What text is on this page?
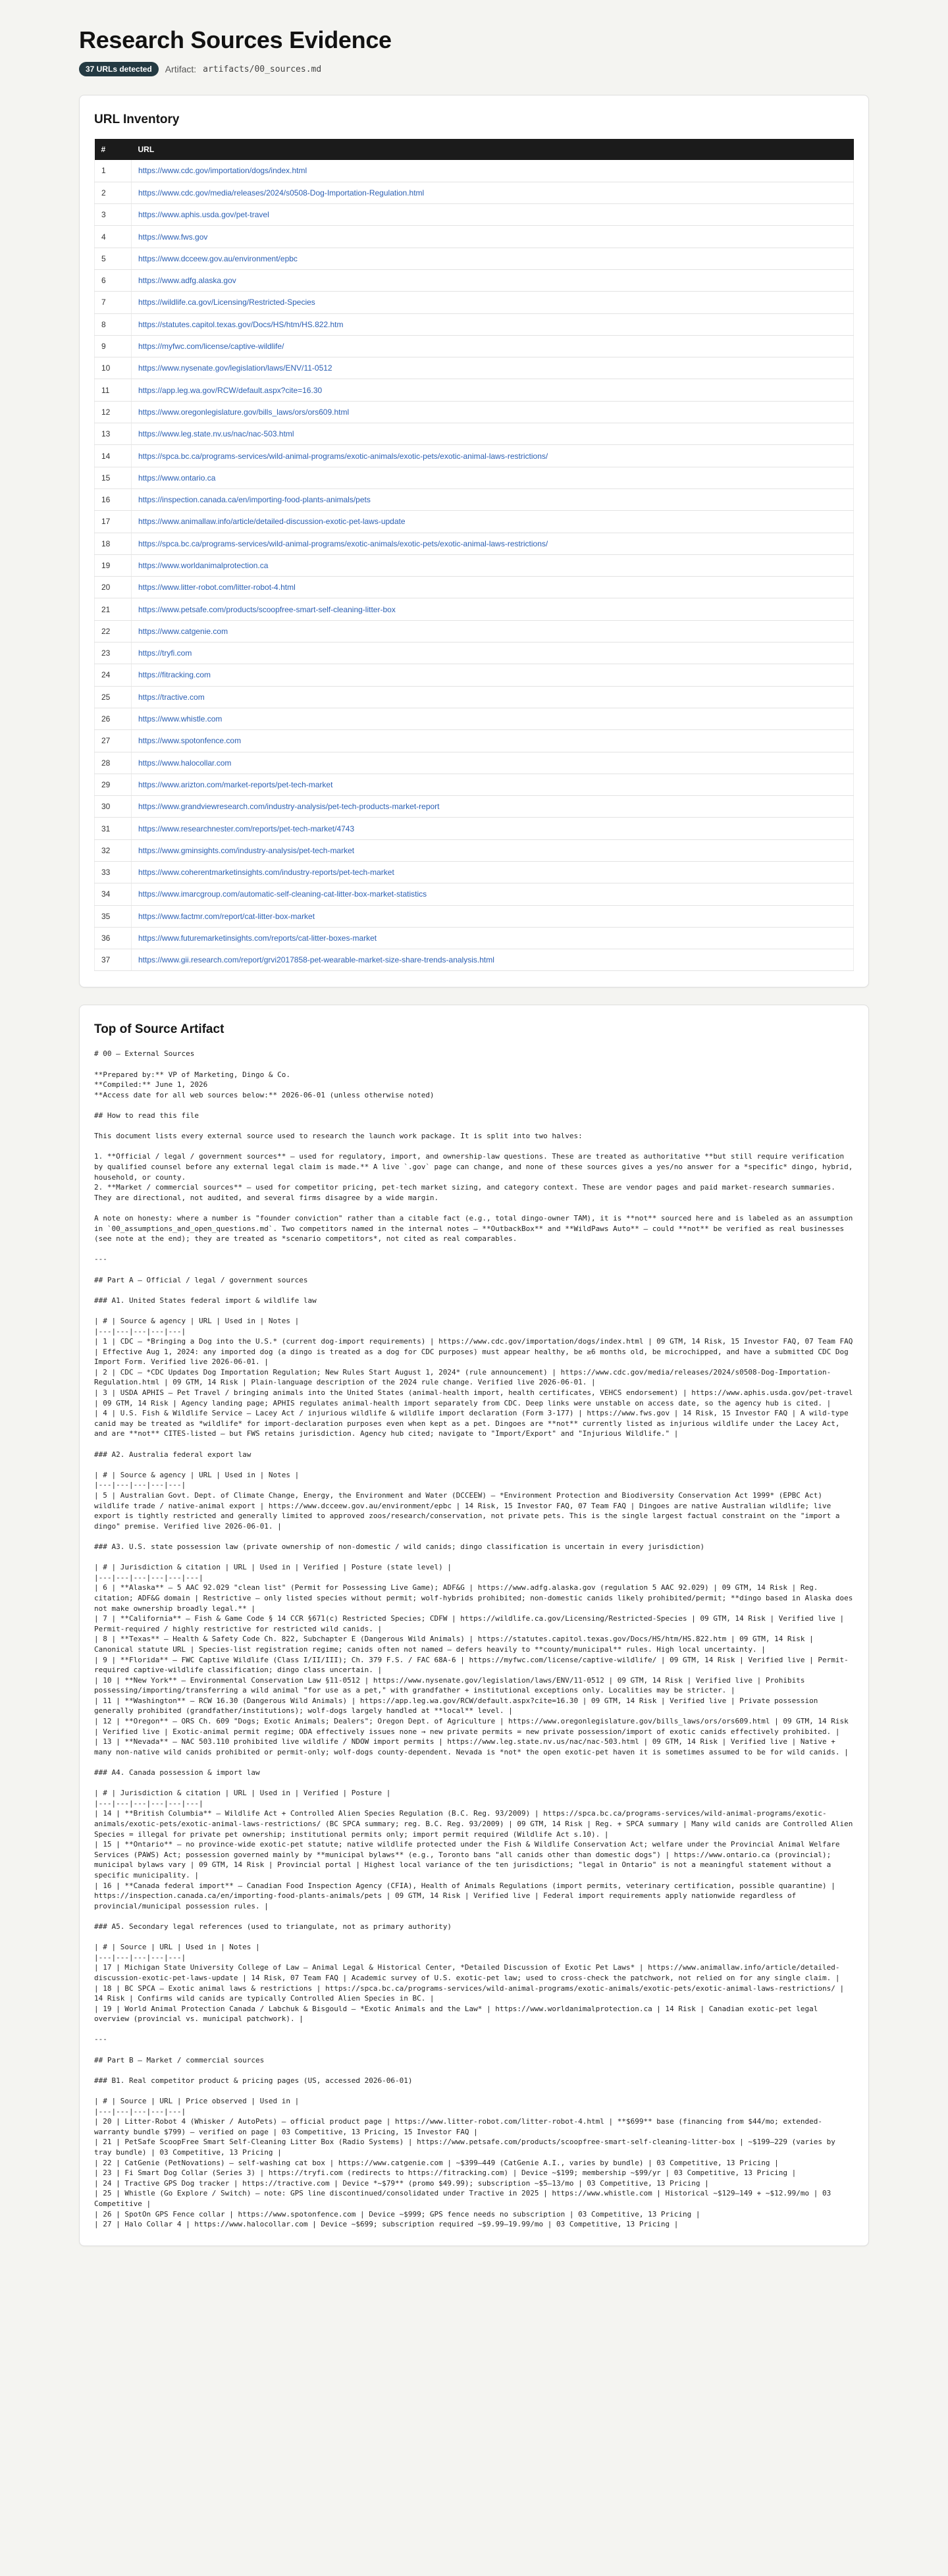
Research Sources Evidence
37 URLs detected	Artifact: artifacts/00_sources.md
URL Inventory
#	URL
1	https://www.cdc.gov/importation/dogs/index.html
2	https://www.cdc.gov/media/releases/2024/s0508-Dog-Importation-Regulation.html
3	https://www.aphis.usda.gov/pet-travel
4	https://www.fws.gov
5	https://www.dcceew.gov.au/environment/epbc
6	https://www.adfg.alaska.gov
7	https://wildlife.ca.gov/Licensing/Restricted-Species
8	https://statutes.capitol.texas.gov/Docs/HS/htm/HS.822.htm
9	https://myfwc.com/license/captive-wildlife/
10	https://www.nysenate.gov/legislation/laws/ENV/11-0512
11	https://app.leg.wa.gov/RCW/default.aspx?cite=16.30
12	https://www.oregonlegislature.gov/bills_laws/ors/ors609.html
13	https://www.leg.state.nv.us/nac/nac-503.html
14	https://spca.bc.ca/programs-services/wild-animal-programs/exotic-animals/exotic-pets/exotic-animal-laws-restrictions/
15	https://www.ontario.ca
16	https://inspection.canada.ca/en/importing-food-plants-animals/pets
17	https://www.animallaw.info/article/detailed-discussion-exotic-pet-laws-update
18	https://spca.bc.ca/programs-services/wild-animal-programs/exotic-animals/exotic-pets/exotic-animal-laws-restrictions/
19	https://www.worldanimalprotection.ca
20	https://www.litter-robot.com/litter-robot-4.html
21	https://www.petsafe.com/products/scoopfree-smart-self-cleaning-litter-box
22	https://www.catgenie.com
23	https://tryfi.com
24	https://fitracking.com
25	https://tractive.com
26	https://www.whistle.com
27	https://www.spotonfence.com
28	https://www.halocollar.com
29	https://www.arizton.com/market-reports/pet-tech-market
30	https://www.grandviewresearch.com/industry-analysis/pet-tech-products-market-report
31	https://www.researchnester.com/reports/pet-tech-market/4743
32	https://www.gminsights.com/industry-analysis/pet-tech-market
33	https://www.coherentmarketinsights.com/industry-reports/pet-tech-market
34	https://www.imarcgroup.com/automatic-self-cleaning-cat-litter-box-market-statistics
35	https://www.factmr.com/report/cat-litter-box-market
36	https://www.futuremarketinsights.com/reports/cat-litter-boxes-market
37	https://www.gii.research.com/report/grvi2017858-pet-wearable-market-size-share-trends-analysis.html
Top of Source Artifact
# 00 — External Sources

**Prepared by:** VP of Marketing, Dingo & Co.
**Compiled:** June 1, 2026
**Access date for all web sources below:** 2026-06-01 (unless otherwise noted)

## How to read this file

This document lists every external source used to research the launch work package. It is split into two halves:

1. **Official / legal / government sources** — used for regulatory, import, and ownership-law questions. These are treated as authoritative **but still require verification by qualified counsel before any external legal claim is made.** A live `.gov` page can change, and none of these sources gives a yes/no answer for a *specific* dingo, hybrid, household, or county.
2. **Market / commercial sources** — used for competitor pricing, pet-tech market sizing, and category context. These are vendor pages and paid market-research summaries. They are directional, not audited, and several firms disagree by a wide margin.

A note on honesty: where a number is "founder conviction" rather than a citable fact (e.g., total dingo-owner TAM), it is **not** sourced here and is labeled as an assumption in `00_assumptions_and_open_questions.md`. Two competitors named in the internal notes — **OutbackBox** and **WildPaws Auto** — could **not** be verified as real businesses (see note at the end); they are treated as *scenario competitors*, not cited as real comparables.

---

## Part A — Official / legal / government sources

### A1. United States federal import & wildlife law

| # | Source & agency | URL | Used in | Notes |
|---|---|---|---|---|
| 1 | CDC — *Bringing a Dog into the U.S.* (current dog-import requirements) | https://www.cdc.gov/importation/dogs/index.html | 09 GTM, 14 Risk, 15 Investor FAQ, 07 Team FAQ | Effective Aug 1, 2024: any imported dog (a dingo is treated as a dog for CDC purposes) must appear healthy, be ≥6 months old, be microchipped, and have a submitted CDC Dog Import Form. Verified live 2026-06-01. |
| 2 | CDC — *CDC Updates Dog Importation Regulation; New Rules Start August 1, 2024* (rule announcement) | https://www.cdc.gov/media/releases/2024/s0508-Dog-Importation-Regulation.html | 09 GTM, 14 Risk | Plain-language description of the 2024 rule change. Verified live 2026-06-01. |
| 3 | USDA APHIS — Pet Travel / bringing animals into the United States (animal-health import, health certificates, VEHCS endorsement) | https://www.aphis.usda.gov/pet-travel | 09 GTM, 14 Risk | Agency landing page; APHIS regulates animal-health import separately from CDC. Deep links were unstable on access date, so the agency hub is cited. |
| 4 | U.S. Fish & Wildlife Service — Lacey Act / injurious wildlife & wildlife import declaration (Form 3-177) | https://www.fws.gov | 14 Risk, 15 Investor FAQ | A wild-type canid may be treated as *wildlife* for import-declaration purposes even when kept as a pet. Dingoes are **not** currently listed as injurious wildlife under the Lacey Act, and are **not** CITES-listed — but FWS retains jurisdiction. Agency hub cited; navigate to "Import/Export" and "Injurious Wildlife." |

### A2. Australia federal export law

| # | Source & agency | URL | Used in | Notes |
|---|---|---|---|---|
| 5 | Australian Govt. Dept. of Climate Change, Energy, the Environment and Water (DCCEEW) — *Environment Protection and Biodiversity Conservation Act 1999* (EPBC Act) wildlife trade / native-animal export | https://www.dcceew.gov.au/environment/epbc | 14 Risk, 15 Investor FAQ, 07 Team FAQ | Dingoes are native Australian wildlife; live export is tightly restricted and generally limited to approved zoos/research/conservation, not private pets. This is the single largest factual constraint on the "import a dingo" premise. Verified live 2026-06-01. |

### A3. U.S. state possession law (private ownership of non-domestic / wild canids; dingo classification is uncertain in every jurisdiction)

| # | Jurisdiction & citation | URL | Used in | Verified | Posture (state level) |
|---|---|---|---|---|---|
| 6 | **Alaska** — 5 AAC 92.029 "clean list" (Permit for Possessing Live Game); ADF&G | https://www.adfg.alaska.gov (regulation 5 AAC 92.029) | 09 GTM, 14 Risk | Reg. citation; ADF&G domain | Restrictive — only listed species without permit; wolf-hybrids prohibited; non-domestic canids likely prohibited/permit; **dingo based in Alaska does not make ownership broadly legal.** |
| 7 | **California** — Fish & Game Code § 14 CCR §671(c) Restricted Species; CDFW | https://wildlife.ca.gov/Licensing/Restricted-Species | 09 GTM, 14 Risk | Verified live | Permit-required / highly restrictive for restricted wild canids. |
| 8 | **Texas** — Health & Safety Code Ch. 822, Subchapter E (Dangerous Wild Animals) | https://statutes.capitol.texas.gov/Docs/HS/htm/HS.822.htm | 09 GTM, 14 Risk | Canonical statute URL | Species-list registration regime; canids often not named — defers heavily to **county/municipal** rules. High local uncertainty. |
| 9 | **Florida** — FWC Captive Wildlife (Class I/II/III); Ch. 379 F.S. / FAC 68A-6 | https://myfwc.com/license/captive-wildlife/ | 09 GTM, 14 Risk | Verified live | Permit-required captive-wildlife classification; dingo class uncertain. |
| 10 | **New York** — Environmental Conservation Law §11-0512 | https://www.nysenate.gov/legislation/laws/ENV/11-0512 | 09 GTM, 14 Risk | Verified live | Prohibits possessing/importing/transferring a wild animal "for use as a pet," with grandfather + institutional exceptions only. Localities may be stricter. |
| 11 | **Washington** — RCW 16.30 (Dangerous Wild Animals) | https://app.leg.wa.gov/RCW/default.aspx?cite=16.30 | 09 GTM, 14 Risk | Verified live | Private possession generally prohibited (grandfather/institutions); wolf-dogs largely handled at **local** level. |
| 12 | **Oregon** — ORS Ch. 609 "Dogs; Exotic Animals; Dealers"; Oregon Dept. of Agriculture | https://www.oregonlegislature.gov/bills_laws/ors/ors609.html | 09 GTM, 14 Risk | Verified live | Exotic-animal permit regime; ODA effectively issues none → new private permits = new private possession/import of exotic canids effectively prohibited. |
| 13 | **Nevada** — NAC 503.110 prohibited live wildlife / NDOW import permits | https://www.leg.state.nv.us/nac/nac-503.html | 09 GTM, 14 Risk | Verified live | Native + many non-native wild canids prohibited or permit-only; wolf-dogs county-dependent. Nevada is *not* the open exotic-pet haven it is sometimes assumed to be for wild canids. |

### A4. Canada possession & import law

| # | Jurisdiction & citation | URL | Used in | Verified | Posture |
|---|---|---|---|---|---|
| 14 | **British Columbia** — Wildlife Act + Controlled Alien Species Regulation (B.C. Reg. 93/2009) | https://spca.bc.ca/programs-services/wild-animal-programs/exotic-animals/exotic-pets/exotic-animal-laws-restrictions/ (BC SPCA summary; reg. B.C. Reg. 93/2009) | 09 GTM, 14 Risk | Reg. + SPCA summary | Many wild canids are Controlled Alien Species = illegal for private pet ownership; institutional permits only; import permit required (Wildlife Act s.10). |
| 15 | **Ontario** — no province-wide exotic-pet statute; native wildlife protected under the Fish & Wildlife Conservation Act; welfare under the Provincial Animal Welfare Services (PAWS) Act; possession governed mainly by **municipal bylaws** (e.g., Toronto bans "all canids other than domestic dogs") | https://www.ontario.ca (provincial); municipal bylaws vary | 09 GTM, 14 Risk | Provincial portal | Highest local variance of the ten jurisdictions; "legal in Ontario" is not a meaningful statement without a specific municipality. |
| 16 | **Canada federal import** — Canadian Food Inspection Agency (CFIA), Health of Animals Regulations (import permits, veterinary certification, possible quarantine) | https://inspection.canada.ca/en/importing-food-plants-animals/pets | 09 GTM, 14 Risk | Verified live | Federal import requirements apply nationwide regardless of provincial/municipal possession rules. |

### A5. Secondary legal references (used to triangulate, not as primary authority)

| # | Source | URL | Used in | Notes |
|---|---|---|---|---|
| 17 | Michigan State University College of Law — Animal Legal & Historical Center, *Detailed Discussion of Exotic Pet Laws* | https://www.animallaw.info/article/detailed-discussion-exotic-pet-laws-update | 14 Risk, 07 Team FAQ | Academic survey of U.S. exotic-pet law; used to cross-check the patchwork, not relied on for any single claim. |
| 18 | BC SPCA — Exotic animal laws & restrictions | https://spca.bc.ca/programs-services/wild-animal-programs/exotic-animals/exotic-pets/exotic-animal-laws-restrictions/ | 14 Risk | Confirms wild canids are typically Controlled Alien Species in BC. |
| 19 | World Animal Protection Canada / Labchuk & Bisgould — *Exotic Animals and the Law* | https://www.worldanimalprotection.ca | 14 Risk | Canadian exotic-pet legal overview (provincial vs. municipal patchwork). |

---

## Part B — Market / commercial sources

### B1. Real competitor product & pricing pages (US, accessed 2026-06-01)

| # | Source | URL | Price observed | Used in |
|---|---|---|---|---|
| 20 | Litter-Robot 4 (Whisker / AutoPets) — official product page | https://www.litter-robot.com/litter-robot-4.html | **$699** base (financing from $44/mo; extended-warranty bundle $799) — verified on page | 03 Competitive, 13 Pricing, 15 Investor FAQ |
| 21 | PetSafe ScoopFree Smart Self-Cleaning Litter Box (Radio Systems) | https://www.petsafe.com/products/scoopfree-smart-self-cleaning-litter-box | ~$199–229 (varies by tray bundle) | 03 Competitive, 13 Pricing |
| 22 | CatGenie (PetNovations) — self-washing cat box | https://www.catgenie.com | ~$399–449 (CatGenie A.I., varies by bundle) | 03 Competitive, 13 Pricing |
| 23 | Fi Smart Dog Collar (Series 3) | https://tryfi.com (redirects to https://fitracking.com) | Device ~$199; membership ~$99/yr | 03 Competitive, 13 Pricing |
| 24 | Tractive GPS Dog tracker | https://tractive.com | Device *~$79** (promo $49.99); subscription ~$5–13/mo | 03 Competitive, 13 Pricing |
| 25 | Whistle (Go Explore / Switch) — note: GPS line discontinued/consolidated under Tractive in 2025 | https://www.whistle.com | Historical ~$129–149 + ~$12.99/mo | 03 Competitive |
| 26 | SpotOn GPS Fence collar | https://www.spotonfence.com | Device ~$999; GPS fence needs no subscription | 03 Competitive, 13 Pricing |
| 27 | Halo Collar 4 | https://www.halocollar.com | Device ~$699; subscription required ~$9.99–19.99/mo | 03 Competitive, 13 Pricing |
